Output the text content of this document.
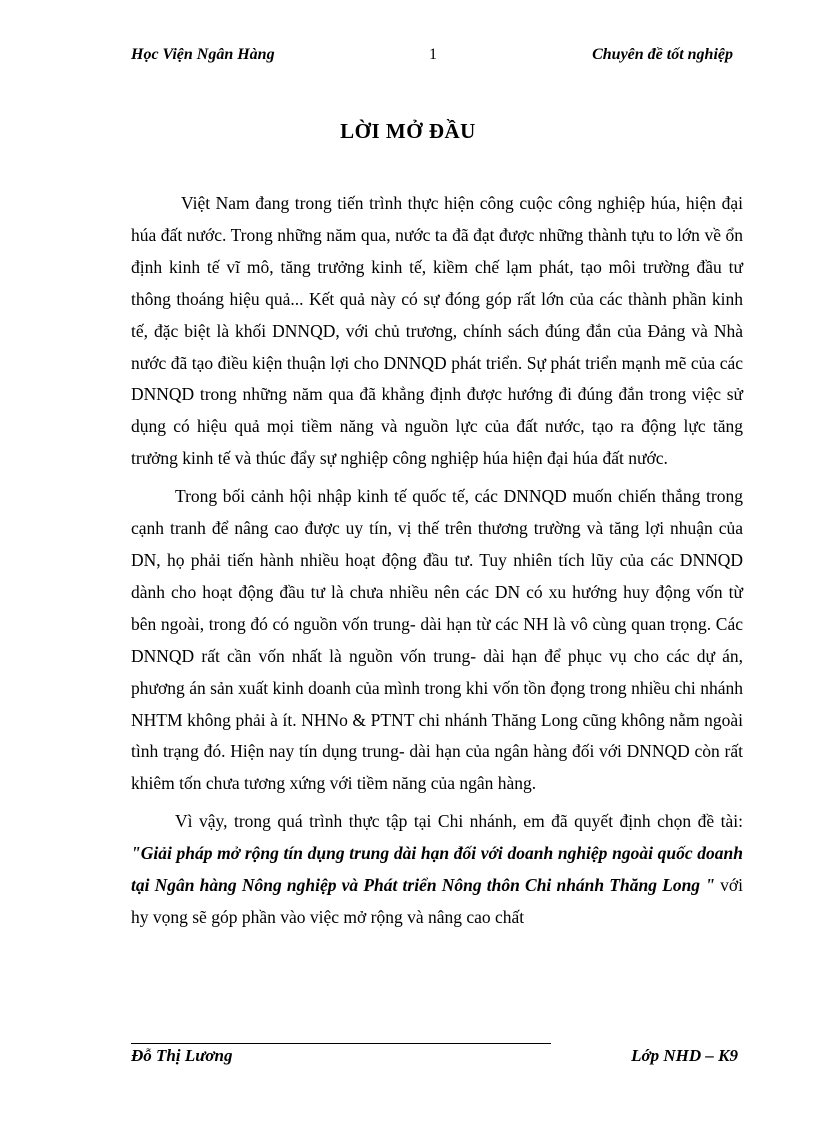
Học Viện Ngân Hàng	1	Chuyên đề tốt nghiệp
LỜI MỞ ĐẦU

Việt Nam đang trong tiến trình thực hiện công cuộc công nghiệp húa, hiện đại húa đất nước. Trong những năm qua, nước ta đã đạt được những thành tựu to lớn về ổn định kinh tế vĩ mô, tăng trưởng kinh tế, kiềm chế lạm phát, tạo môi trường đầu tư thông thoáng hiệu quả... Kết quả này có sự đóng góp rất lớn của các thành phần kinh tế, đặc biệt là khối DNNQD, với chủ trương, chính sách đúng đắn của Đảng và Nhà nước đã tạo điều kiện thuận lợi cho DNNQD phát triển. Sự phát triển mạnh mẽ của các DNNQD trong những năm qua đã khẳng định được hướng đi đúng đắn trong việc sử dụng có hiệu quả mọi tiềm năng và nguồn lực của đất nước, tạo ra động lực tăng trưởng kinh tế và thúc đẩy sự nghiệp công nghiệp húa hiện đại húa đất nước.

Trong bối cảnh hội nhập kinh tế quốc tế, các DNNQD muốn chiến thắng trong cạnh tranh để nâng cao được uy tín, vị thế trên thương trường và tăng lợi nhuận của DN, họ phải tiến hành nhiều hoạt động đầu tư. Tuy nhiên tích lũy của các DNNQD dành cho hoạt động đầu tư là chưa nhiều nên các DN có xu hướng huy động vốn từ bên ngoài, trong đó có nguồn vốn trung- dài hạn từ các NH là vô cùng quan trọng. Các DNNQD rất cần vốn nhất là nguồn vốn trung- dài hạn để phục vụ cho các dự án, phương án sản xuất kinh doanh của mình trong khi vốn tồn đọng trong nhiều chi nhánh NHTM không phải à ít. NHNo & PTNT chi nhánh Thăng Long cũng không nằm ngoài tình trạng đó. Hiện nay tín dụng trung- dài hạn của ngân hàng đối với DNNQD còn rất khiêm tốn chưa tương xứng với tiềm năng của ngân hàng.

Vì vậy, trong quá trình thực tập tại Chi nhánh, em đã quyết định chọn đề tài: "Giải pháp mở rộng tín dụng trung dài hạn đối với doanh nghiệp ngoài quốc doanh tại Ngân hàng Nông nghiệp và Phát triển Nông thôn Chi nhánh Thăng Long " với hy vọng sẽ góp phần vào việc mở rộng và nâng cao chất

Đỗ Thị Lương	Lớp NHD – K9
